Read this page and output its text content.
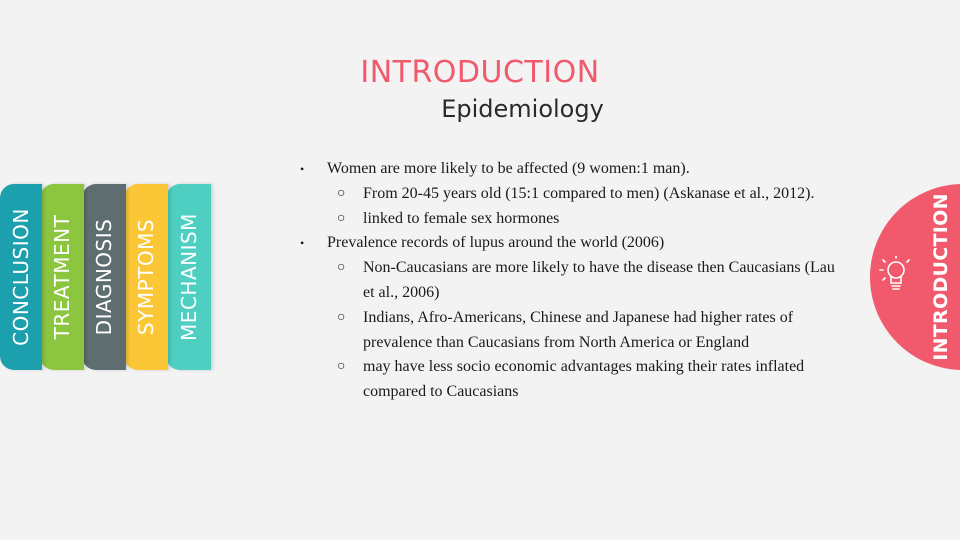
INTRODUCTION
Epidemiology
CONCLUSION TREATMENT DIAGNOSIS SYMPTOMS MECHANISM	INTRODUCTION
• Women are more likely to be affected (9 women:1 man).
○ From 20-45 years old (15:1 compared to men) (Askanase et al., 2012).
○ linked to female sex hormones
• Prevalence records of lupus around the world (2006)
○ Non-Caucasians are more likely to have the disease then Caucasians (Lau et al., 2006)
○ Indians, Afro-Americans, Chinese and Japanese had higher rates of prevalence than Caucasians from North America or England
○ may have less socio economic advantages making their rates inflated compared to Caucasians
